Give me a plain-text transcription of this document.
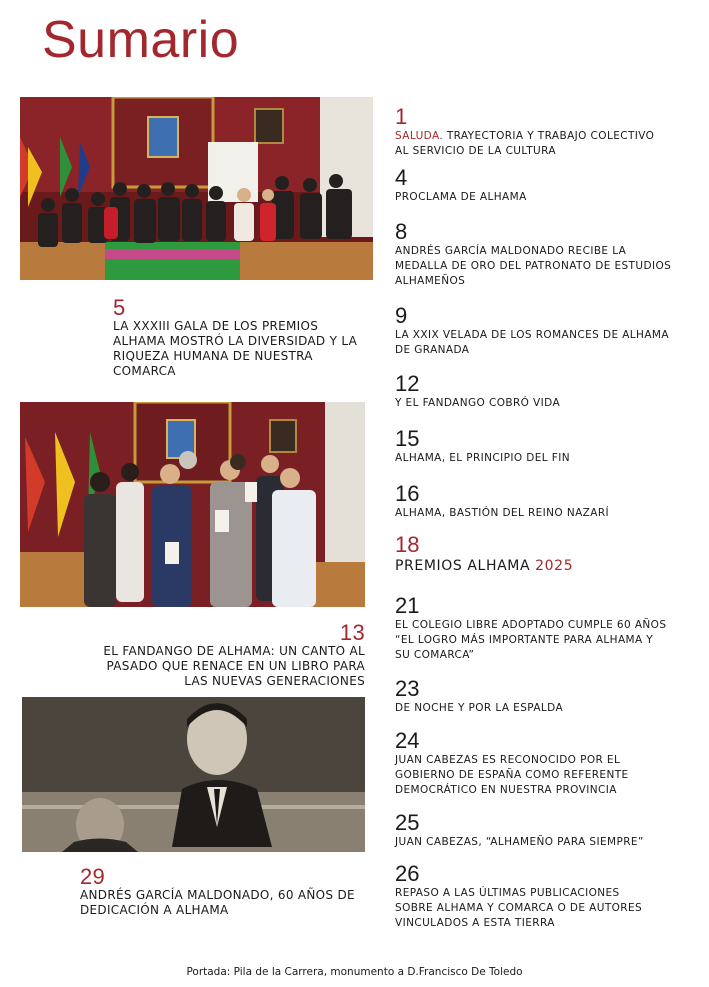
Sumario
5
LA XXXIII GALA DE LOS PREMIOS ALHAMA MOSTRÓ LA DIVERSIDAD Y LA RIQUEZA HUMANA DE NUESTRA COMARCA
13
EL FANDANGO DE ALHAMA: UN CANTO AL PASADO QUE RENACE EN UN LIBRO PARA LAS NUEVAS GENERACIONES
29
ANDRÉS GARCÍA MALDONADO, 60 AÑOS DE DEDICACIÓN A ALHAMA
1
SALUDA. TRAYECTORIA Y TRABAJO COLECTIVO
AL SERVICIO DE LA CULTURA
4
PROCLAMA DE ALHAMA
8
ANDRÉS GARCÍA MALDONADO RECIBE LA
MEDALLA DE ORO DEL PATRONATO DE ESTUDIOS
ALHAMEÑOS
9
LA XXIX VELADA DE LOS ROMANCES DE ALHAMA
DE GRANADA
12
Y EL FANDANGO COBRÓ VIDA
15
ALHAMA, EL PRINCIPIO DEL FIN
16
ALHAMA, BASTIÓN DEL REINO NAZARÍ
18
PREMIOS ALHAMA 2025
21
EL COLEGIO LIBRE ADOPTADO CUMPLE 60 AÑOS
“EL LOGRO MÁS IMPORTANTE PARA ALHAMA Y
SU COMARCA”
23
DE NOCHE Y POR LA ESPALDA
24
JUAN CABEZAS ES RECONOCIDO POR EL
GOBIERNO DE ESPAÑA COMO REFERENTE
DEMOCRÁTICO EN NUESTRA PROVINCIA
25
JUAN CABEZAS, “ALHAMEÑO PARA SIEMPRE”
26
REPASO A LAS ÚLTIMAS PUBLICACIONES
SOBRE ALHAMA Y COMARCA O DE AUTORES
VINCULADOS A ESTA TIERRA
Portada: Pila de la Carrera, monumento a D.Francisco De Toledo
